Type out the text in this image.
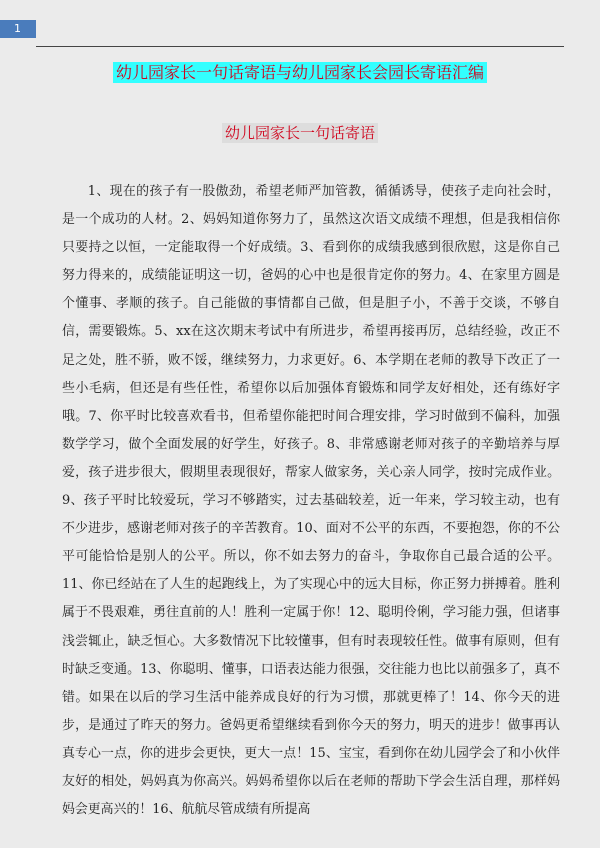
1
幼儿园家长一句话寄语与幼儿园家长会园长寄语汇编
幼儿园家长一句话寄语

1、现在的孩子有一股傲劲，希望老师严加管教，循循诱导，使孩子走向社会时，是一个成功的人材。2、妈妈知道你努力了，虽然这次语文成绩不理想，但是我相信你只要持之以恒，一定能取得一个好成绩。3、看到你的成绩我感到很欣慰，这是你自己努力得来的，成绩能证明这一切，爸妈的心中也是很肯定你的努力。4、在家里方圆是个懂事、孝顺的孩子。自己能做的事情都自己做，但是胆子小，不善于交谈，不够自信，需要锻炼。5、xx在这次期末考试中有所进步，希望再接再厉，总结经验，改正不足之处，胜不骄，败不馁，继续努力，力求更好。6、本学期在老师的教导下改正了一些小毛病，但还是有些任性，希望你以后加强体育锻炼和同学友好相处，还有练好字哦。7、你平时比较喜欢看书，但希望你能把时间合理安排，学习时做到不偏科，加强数学学习，做个全面发展的好学生，好孩子。8、非常感谢老师对孩子的辛勤培养与厚爱，孩子进步很大，假期里表现很好，帮家人做家务，关心亲人同学，按时完成作业。9、孩子平时比较爱玩，学习不够踏实，过去基础较差，近一年来，学习较主动，也有不少进步，感谢老师对孩子的辛苦教育。10、面对不公平的东西，不要抱怨，你的不公平可能恰恰是别人的公平。所以，你不如去努力的奋斗，争取你自己最合适的公平。11、你已经站在了人生的起跑线上，为了实现心中的远大目标，你正努力拼搏着。胜利属于不畏艰难，勇往直前的人！胜利一定属于你！12、聪明伶俐，学习能力强，但诸事浅尝辄止，缺乏恒心。大多数情况下比较懂事，但有时表现较任性。做事有原则，但有时缺乏变通。13、你聪明、懂事，口语表达能力很强，交往能力也比以前强多了，真不错。如果在以后的学习生活中能养成良好的行为习惯，那就更棒了！14、你今天的进步，是通过了昨天的努力。爸妈更希望继续看到你今天的努力，明天的进步！做事再认真专心一点，你的进步会更快，更大一点！15、宝宝，看到你在幼儿园学会了和小伙伴友好的相处，妈妈真为你高兴。妈妈希望你以后在老师的帮助下学会生活自理，那样妈妈会更高兴的！16、航航尽管成绩有所提高
